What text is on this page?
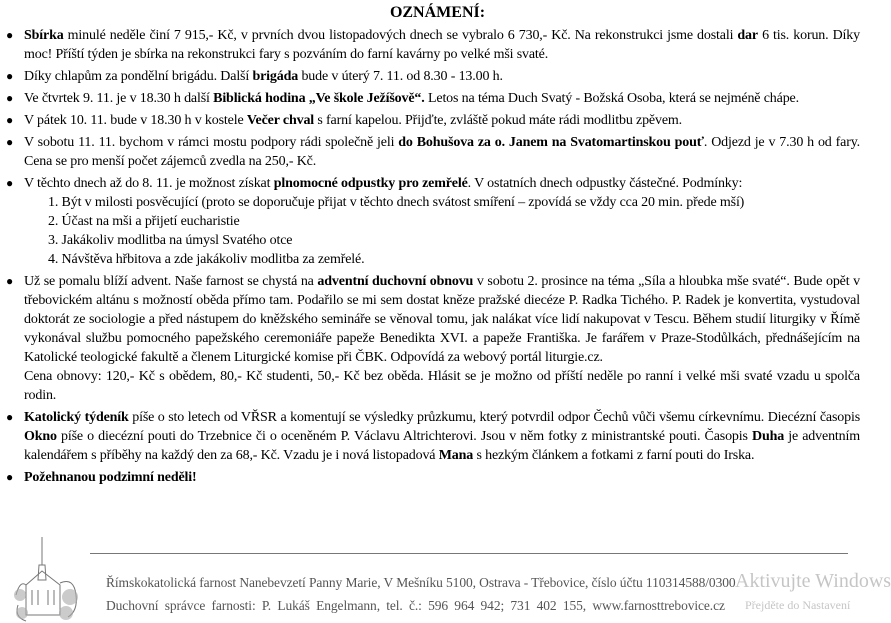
OZNÁMENÍ:
● Sbírka minulé neděle činí 7 915,- Kč, v prvních dvou listopadových dnech se vybralo 6 730,- Kč. Na rekonstrukci jsme dostali dar 6 tis. korun. Díky moc! Příští týden je sbírka na rekonstrukci fary s pozváním do farní kavárny po velké mši svaté.
● Díky chlapům za pondělní brigádu. Další brigáda bude v úterý 7. 11. od 8.30 - 13.00 h.
● Ve čtvrtek 9. 11. je v 18.30 h další Biblická hodina „Ve škole Ježíšově“. Letos na téma Duch Svatý - Božská Osoba, která se nejméně chápe.
● V pátek 10. 11. bude v 18.30 h v kostele Večer chval s farní kapelou. Přijďte, zvláště pokud máte rádi modlitbu zpěvem.
● V sobotu 11. 11. bychom v rámci mostu podpory rádi společně jeli do Bohušova za o. Janem na Svatomartinskou pouť. Odjezd je v 7.30 h od fary. Cena se pro menší počet zájemců zvedla na 250,- Kč.
● V těchto dnech až do 8. 11. je možnost získat plnomocné odpustky pro zemřelé. V ostatních dnech odpustky částečné. Podmínky:
1. Být v milosti posvěcující (proto se doporučuje přijat v těchto dnech svátost smíření – zpovídá se vždy cca 20 min. přede mší)
2. Účast na mši a přijetí eucharistie
3. Jakákoliv modlitba na úmysl Svatého otce
4. Návštěva hřbitova a zde jakákoliv modlitba za zemřelé.
● Už se pomalu blíží advent. Naše farnost se chystá na adventní duchovní obnovu v sobotu 2. prosince na téma „Síla a hloubka mše svaté“. Bude opět v třebovickém altánu s možností oběda přímo tam. Podařilo se mi sem dostat kněze pražské diecéze P. Radka Tichého. P. Radek je konvertita, vystudoval doktorát ze sociologie a před nástupem do kněžského semináře se věnoval tomu, jak nalákat více lidí nakupovat v Tescu. Během studií liturgiky v Římě vykonával službu pomocného papežského ceremoniáře papeže Benedikta XVI. a papeže Františka. Je farářem v Praze-Stodůlkách, přednášejícím na Katolické teologické fakultě a členem Liturgické komise při ČBK. Odpovídá za webový portál liturgie.cz.
Cena obnovy: 120,- Kč s obědem, 80,- Kč studenti, 50,- Kč bez oběda. Hlásit se je možno od příští neděle po ranní i velké mši svaté vzadu u spolča rodin.
● Katolický týdeník píše o sto letech od VŘSR a komentují se výsledky průzkumu, který potvrdil odpor Čechů vůči všemu církevnímu. Diecézní časopis Okno píše o diecézní pouti do Trzebnice či o oceněném P. Václavu Altrichterovi. Jsou v něm fotky z ministrantské pouti. Časopis Duha je adventním kalendářem s příběhy na každý den za 68,- Kč. Vzadu je i nová listopadová Mana s hezkým článkem a fotkami z farní pouti do Irska.
● Požehnanou podzimní neděli!
Římskokatolická farnost Nanebevzetí Panny Marie, V Mešníku 5100, Ostrava - Třebovice, číslo účtu 110314588/0300
Duchovní správce farnosti: P. Lukáš Engelmann, tel. č.: 596 964 942; 731 402 155, www.farnosttrebovice.cz
Aktivujte Windows
Přejděte do Nastavení
